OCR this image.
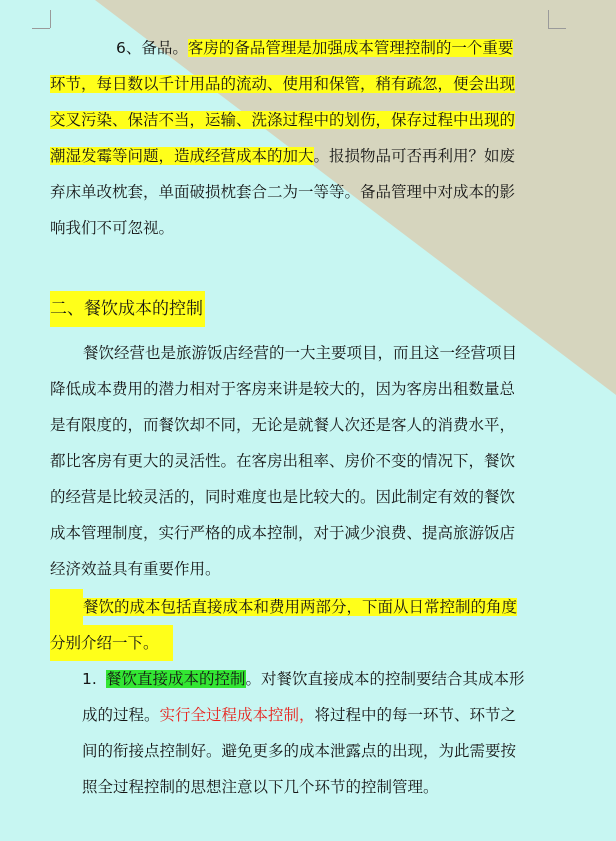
6、备品。客房的备品管理是加强成本管理控制的一个重要
环节，每日数以千计用品的流动、使用和保管，稍有疏忽，便会出现
交叉污染、保洁不当，运输、洗涤过程中的划伤，保存过程中出现的
潮湿发霉等问题，造成经营成本的加大。报损物品可否再利用？如废
弃床单改枕套，单面破损枕套合二为一等等。备品管理中对成本的影
响我们不可忽视。
二、餐饮成本的控制
餐饮经营也是旅游饭店经营的一大主要项目，而且这一经营项目
降低成本费用的潜力相对于客房来讲是较大的，因为客房出租数量总
是有限度的，而餐饮却不同，无论是就餐人次还是客人的消费水平，
都比客房有更大的灵活性。在客房出租率、房价不变的情况下，餐饮
的经营是比较灵活的，同时难度也是比较大的。因此制定有效的餐饮
成本管理制度，实行严格的成本控制，对于减少浪费、提高旅游饭店
经济效益具有重要作用。
餐饮的成本包括直接成本和费用两部分，下面从日常控制的角度
分别介绍一下。
1. 餐饮直接成本的控制。对餐饮直接成本的控制要结合其成本形
成的过程。实行全过程成本控制，将过程中的每一环节、环节之
间的衔接点控制好。避免更多的成本泄露点的出现，为此需要按
照全过程控制的思想注意以下几个环节的控制管理。
